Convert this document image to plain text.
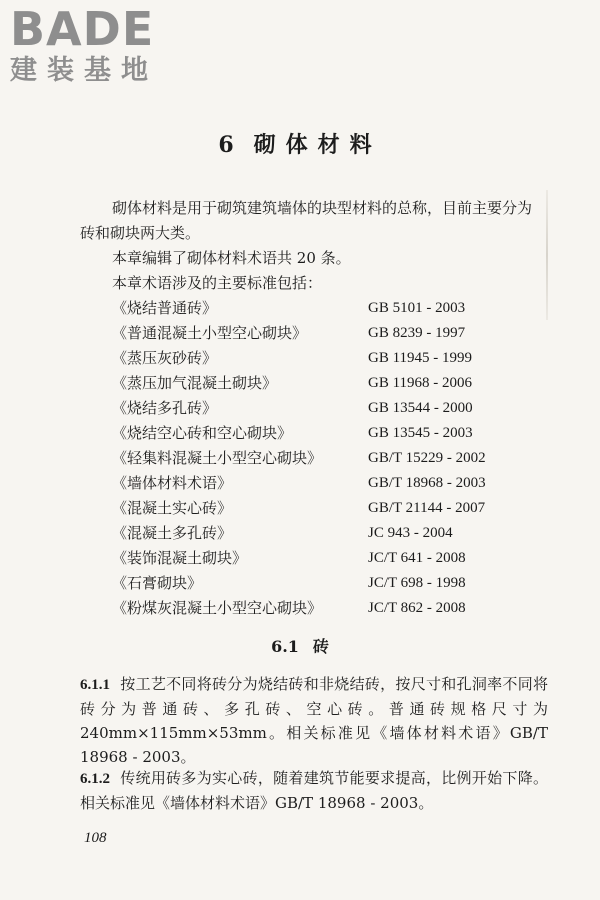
BADE
建装基地
6 砌体材料
砌体材料是用于砌筑建筑墙体的块型材料的总称，目前主要分为砖和砌块两大类。
本章编辑了砌体材料术语共 20 条。
本章术语涉及的主要标准包括：
《烧结普通砖》	GB 5101 - 2003
《普通混凝土小型空心砌块》	GB 8239 - 1997
《蒸压灰砂砖》	GB 11945 - 1999
《蒸压加气混凝土砌块》	GB 11968 - 2006
《烧结多孔砖》	GB 13544 - 2000
《烧结空心砖和空心砌块》	GB 13545 - 2003
《轻集料混凝土小型空心砌块》	GB/T 15229 - 2002
《墙体材料术语》	GB/T 18968 - 2003
《混凝土实心砖》	GB/T 21144 - 2007
《混凝土多孔砖》	JC 943 - 2004
《装饰混凝土砌块》	JC/T 641 - 2008
《石膏砌块》	JC/T 698 - 1998
《粉煤灰混凝土小型空心砌块》	JC/T 862 - 2008
6.1 砖
6.1.1 按工艺不同将砖分为烧结砖和非烧结砖，按尺寸和孔洞率不同将砖分为普通砖、多孔砖、空心砖。普通砖规格尺寸为240mm×115mm×53mm。相关标准见《墙体材料术语》GB/T 18968 - 2003。
6.1.2 传统用砖多为实心砖，随着建筑节能要求提高，比例开始下降。相关标准见《墙体材料术语》GB/T 18968 - 2003。
108
